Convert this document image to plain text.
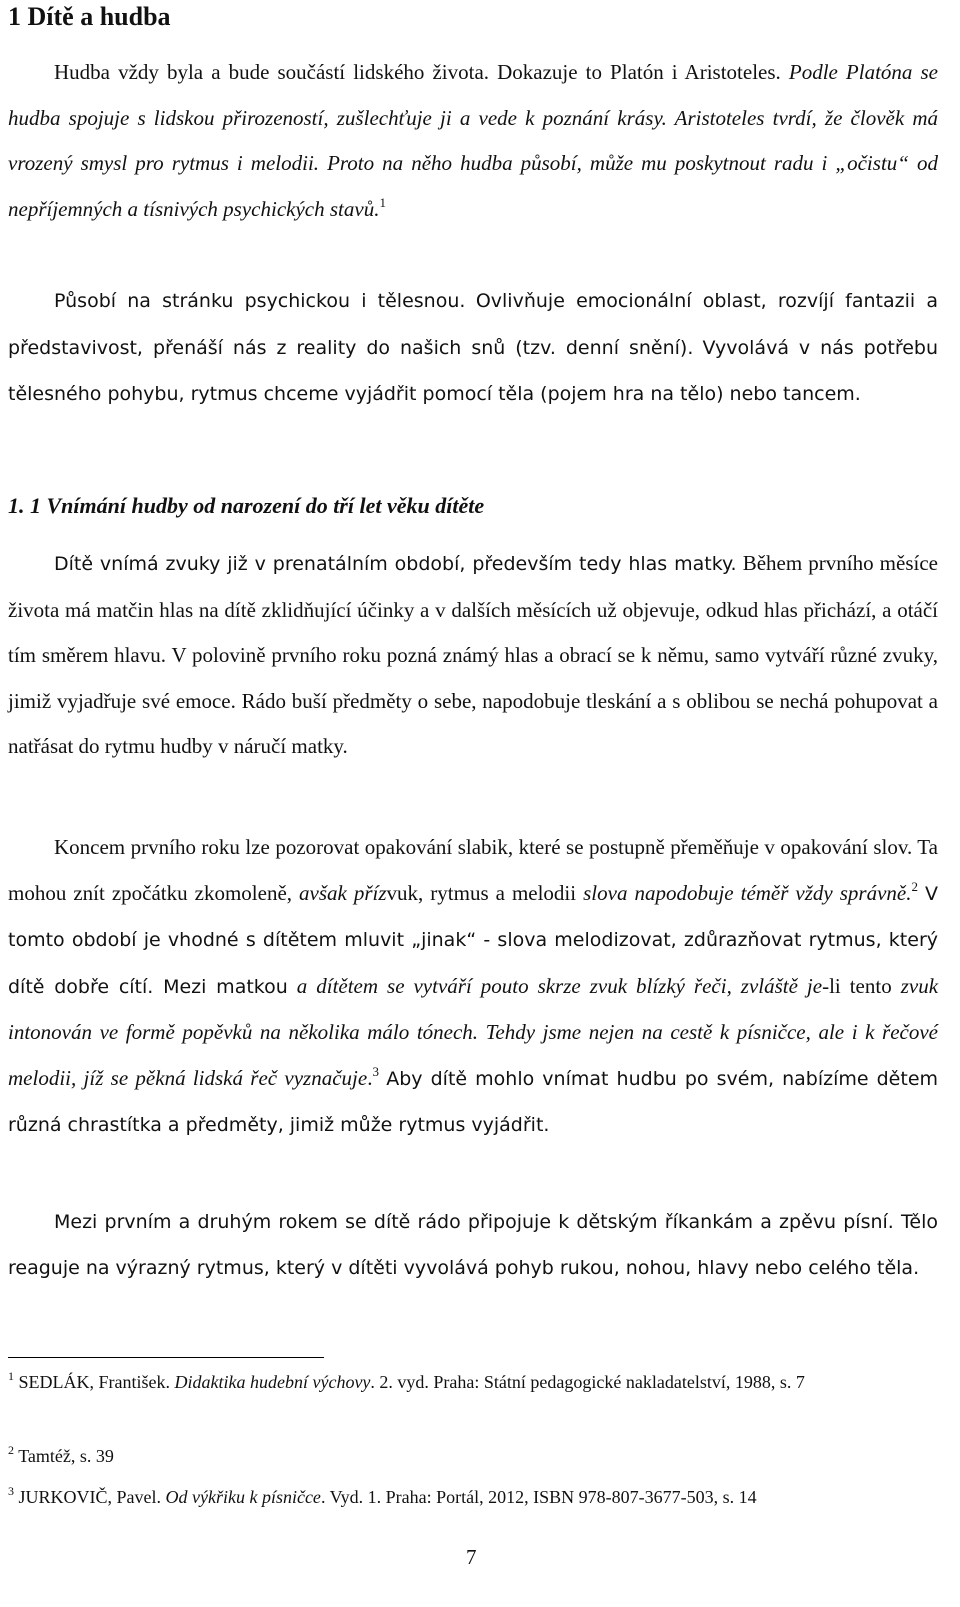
1 Dítě a hudba

Hudba vždy byla a bude součástí lidského života. Dokazuje to Platón i Aristoteles. Podle Platóna se hudba spojuje s lidskou přirozeností, zušlechťuje ji a vede k poznání krásy. Aristoteles tvrdí, že člověk má vrozený smysl pro rytmus i melodii. Proto na něho hudba působí, může mu poskytnout radu i „očistu“ od nepříjemných a tísnivých psychických stavů.$^1$

Působí na stránku psychickou i tělesnou. Ovlivňuje emocionální oblast, rozvíjí fantazii a představivost, přenáší nás z reality do našich snů (tzv. denní snění). Vyvolává v nás potřebu tělesného pohybu, rytmus chceme vyjádřit pomocí těla (pojem hra na tělo) nebo tancem.

1. 1 Vnímání hudby od narození do tří let věku dítěte

Dítě vnímá zvuky již v prenatálním období, především tedy hlas matky. Během prvního měsíce života má matčin hlas na dítě zklidňující účinky a v dalších měsících už objevuje, odkud hlas přichází, a otáčí tím směrem hlavu. V polovině prvního roku pozná známý hlas a obrací se k němu, samo vytváří různé zvuky, jimiž vyjadřuje své emoce. Rádo buší předměty o sebe, napodobuje tleskání a s oblibou se nechá pohupovat a natřásat do rytmu hudby v náručí matky.

Koncem prvního roku lze pozorovat opakování slabik, které se postupně přeměňuje v opakování slov. Ta mohou znít zpočátku zkomoleně, avšak přízvuk, rytmus a melodii slova napodobuje téměř vždy správně.$^2$ V tomto období je vhodné s dítětem mluvit „jinak“ - slova melodizovat, zdůrazňovat rytmus, který dítě dobře cítí. Mezi matkou a dítětem se vytváří pouto skrze zvuk blízký řeči, zvláště je-li tento zvuk intonován ve formě popěvků na několika málo tónech. Tehdy jsme nejen na cestě k písničce, ale i k řečové melodii, jíž se pěkná lidská řeč vyznačuje.$^3$ Aby dítě mohlo vnímat hudbu po svém, nabízíme dětem různá chrastítka a předměty, jimiž může rytmus vyjádřit.

Mezi prvním a druhým rokem se dítě rádo připojuje k dětským říkankám a zpěvu písní. Tělo reaguje na výrazný rytmus, který v dítěti vyvolává pohyb rukou, nohou, hlavy nebo celého těla.

$^1$ SEDLÁK, František. Didaktika hudební výchovy. 2. vyd. Praha: Státní pedagogické nakladatelství, 1988, s. 7

$^2$ Tamtéž, s. 39

$^3$ JURKOVIČ, Pavel. Od výkřiku k písničce. Vyd. 1. Praha: Portál, 2012, ISBN 978-807-3677-503, s. 14

7
